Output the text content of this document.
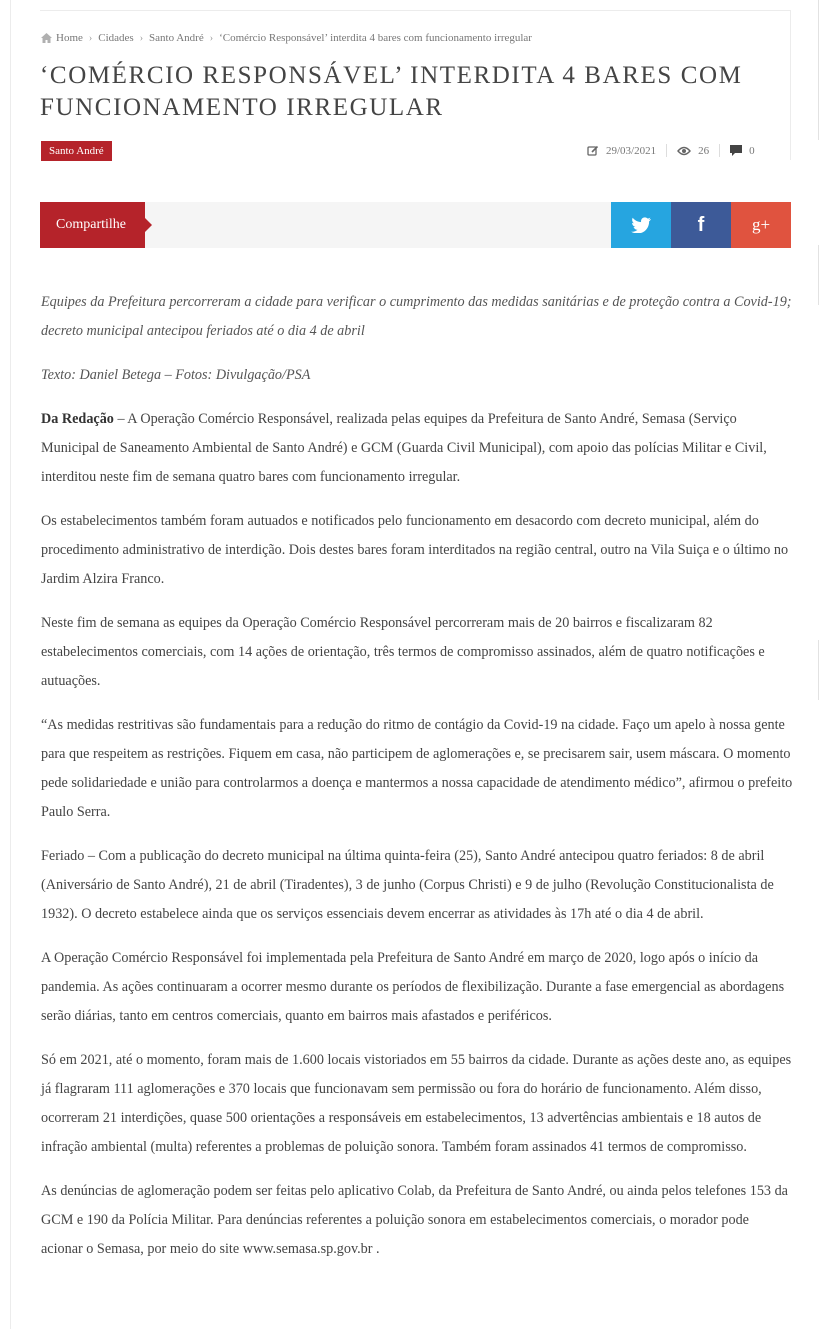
Home › Cidades › Santo André › ‘Comércio Responsável’ interdita 4 bares com funcionamento irregular
‘COMÉRCIO RESPONSÁVEL’ INTERDITA 4 BARES COM FUNCIONAMENTO IRREGULAR
Santo André	29/03/2021	26	0
Compartilhe	f	g+

Equipes da Prefeitura percorreram a cidade para verificar o cumprimento das medidas sanitárias e de proteção contra a Covid-19; decreto municipal antecipou feriados até o dia 4 de abril

Texto: Daniel Betega – Fotos: Divulgação/PSA

Da Redação – A Operação Comércio Responsável, realizada pelas equipes da Prefeitura de Santo André, Semasa (Serviço Municipal de Saneamento Ambiental de Santo André) e GCM (Guarda Civil Municipal), com apoio das polícias Militar e Civil, interditou neste fim de semana quatro bares com funcionamento irregular.

Os estabelecimentos também foram autuados e notificados pelo funcionamento em desacordo com decreto municipal, além do procedimento administrativo de interdição. Dois destes bares foram interditados na região central, outro na Vila Suiça e o último no Jardim Alzira Franco.

Neste fim de semana as equipes da Operação Comércio Responsável percorreram mais de 20 bairros e fiscalizaram 82 estabelecimentos comerciais, com 14 ações de orientação, três termos de compromisso assinados, além de quatro notificações e autuações.

“As medidas restritivas são fundamentais para a redução do ritmo de contágio da Covid-19 na cidade. Faço um apelo à nossa gente para que respeitem as restrições. Fiquem em casa, não participem de aglomerações e, se precisarem sair, usem máscara. O momento pede solidariedade e união para controlarmos a doença e mantermos a nossa capacidade de atendimento médico”, afirmou o prefeito Paulo Serra.

Feriado – Com a publicação do decreto municipal na última quinta-feira (25), Santo André antecipou quatro feriados: 8 de abril (Aniversário de Santo André), 21 de abril (Tiradentes), 3 de junho (Corpus Christi) e 9 de julho (Revolução Constitucionalista de 1932). O decreto estabelece ainda que os serviços essenciais devem encerrar as atividades às 17h até o dia 4 de abril.

A Operação Comércio Responsável foi implementada pela Prefeitura de Santo André em março de 2020, logo após o início da pandemia. As ações continuaram a ocorrer mesmo durante os períodos de flexibilização. Durante a fase emergencial as abordagens serão diárias, tanto em centros comerciais, quanto em bairros mais afastados e periféricos.

Só em 2021, até o momento, foram mais de 1.600 locais vistoriados em 55 bairros da cidade. Durante as ações deste ano, as equipes já flagraram 111 aglomerações e 370 locais que funcionavam sem permissão ou fora do horário de funcionamento. Além disso, ocorreram 21 interdições, quase 500 orientações a responsáveis em estabelecimentos, 13 advertências ambientais e 18 autos de infração ambiental (multa) referentes a problemas de poluição sonora. Também foram assinados 41 termos de compromisso.

As denúncias de aglomeração podem ser feitas pelo aplicativo Colab, da Prefeitura de Santo André, ou ainda pelos telefones 153 da GCM e 190 da Polícia Militar. Para denúncias referentes a poluição sonora em estabelecimentos comerciais, o morador pode acionar o Semasa, por meio do site www.semasa.sp.gov.br .
